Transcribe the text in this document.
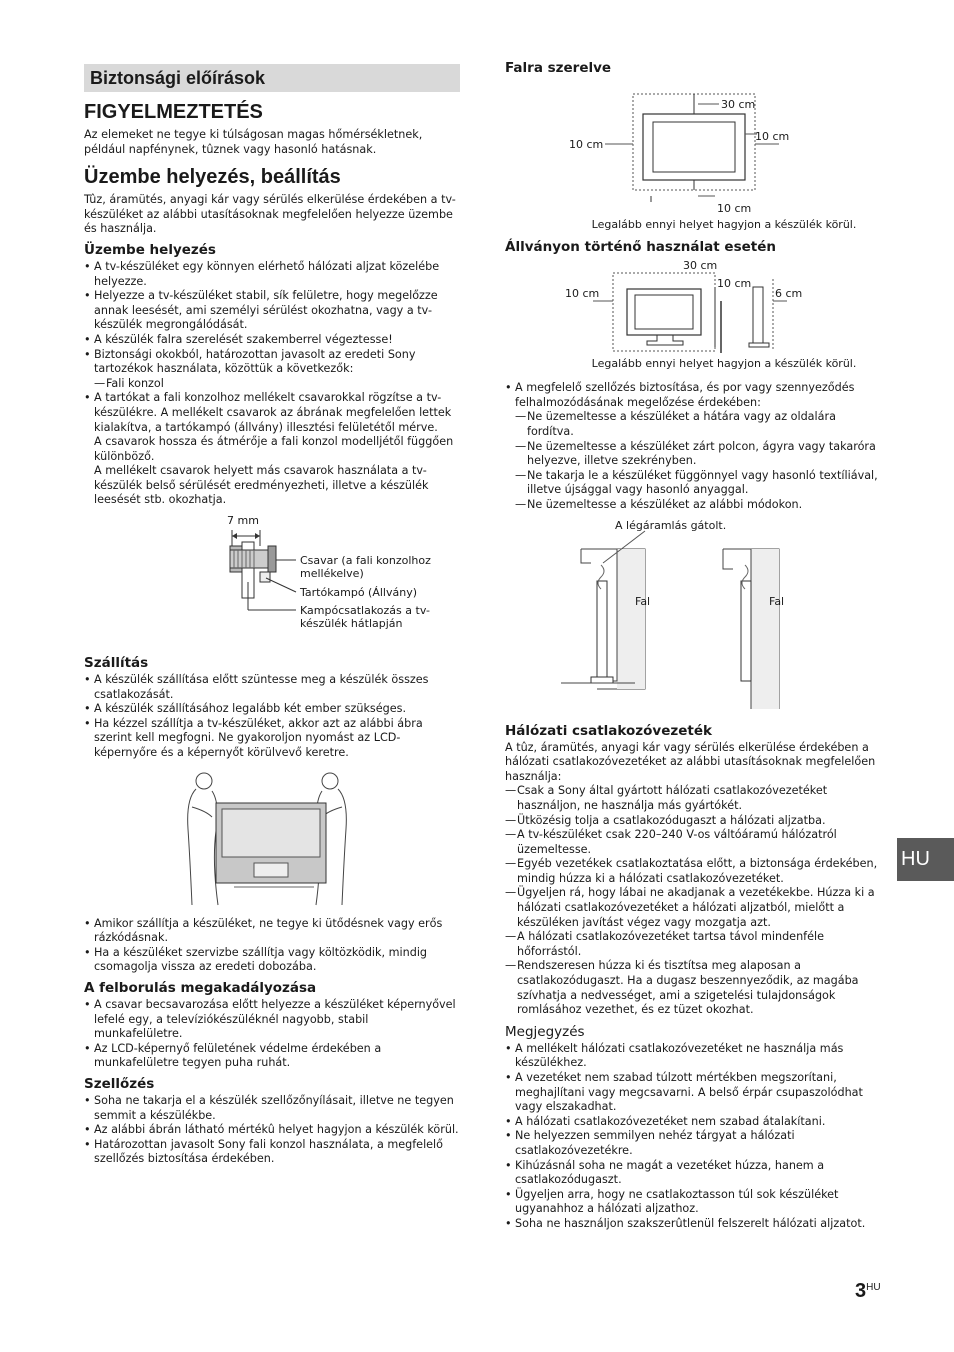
Biztonsági előírások
FIGYELMEZTETÉS

Az elemeket ne tegye ki túlságosan magas hőmérsékletnek, például napfénynek, tûznek vagy hasonló hatásnak.

Üzembe helyezés, beállítás

Tûz, áramütés, anyagi kár vagy sérülés elkerülése érdekében a tv-készüléket az alábbi utasításoknak megfelelően helyezze üzembe és használja.

Üzembe helyezés
• A tv-készüléket egy könnyen elérhető hálózati aljzat közelébe helyezze.
• Helyezze a tv-készüléket stabil, sík felületre, hogy megelőzze annak leesését, ami személyi sérülést okozhatna, vagy a tv-készülék megrongálódását.
• A készülék falra szerelését szakemberrel végeztesse!
• Biztonsági okokból, határozottan javasolt az eredeti Sony tartozékok használata, közöttük a következők:
— Fali konzol
• A tartókat a fali konzolhoz mellékelt csavarokkal rögzítse a tv-készülékre. A mellékelt csavarok az ábrának megfelelően lettek kialakítva, a tartókampó (állvány) illesztési felületétől mérve.
A csavarok hossza és átmérője a fali konzol modelljétől függően különböző.
A mellékelt csavarok helyett más csavarok használata a tv-készülék belső sérülését eredményezheti, illetve a készülék leesését stb. okozhatja.
7 mm
Csavar (a fali konzolhoz mellékelve)
Tartókampó (Állvány)
Kampócsatlakozás a tv-készülék hátlapján
Szállítás
• A készülék szállítása előtt szüntesse meg a készülék összes csatlakozását.
• A készülék szállításához legalább két ember szükséges.
• Ha kézzel szállítja a tv-készüléket, akkor azt az alábbi ábra szerint kell megfogni. Ne gyakoroljon nyomást az LCD-képernyőre és a képernyőt körülvevő keretre.
• Amikor szállítja a készüléket, ne tegye ki ütődésnek vagy erős rázkódásnak.
• Ha a készüléket szervizbe szállítja vagy költözködik, mindig csomagolja vissza az eredeti dobozába.
A felborulás megakadályozása
• A csavar becsavarozása előtt helyezze a készüléket képernyővel lefelé egy, a televíziókészüléknél nagyobb, stabil munkafelületre.
• Az LCD-képernyő felületének védelme érdekében a munkafelületre tegyen puha ruhát.
Szellőzés
• Soha ne takarja el a készülék szellőzőnyílásait, illetve ne tegyen semmit a készülékbe.
• Az alábbi ábrán látható mértékû helyet hagyjon a készülék körül.
• Határozottan javasolt Sony fali konzol használata, a megfelelő szellőzés biztosítása érdekében.
Falra szerelve
30 cm
10 cm
10 cm
10 cm
Legalább ennyi helyet hagyjon a készülék körül.
Állványon történő használat esetén
30 cm
10 cm
10 cm
6 cm
Legalább ennyi helyet hagyjon a készülék körül.
• A megfelelő szellőzés biztosítása, és por vagy szennyeződés felhalmozódásának megelőzése érdekében:
— Ne üzemeltesse a készüléket a hátára vagy az oldalára fordítva.
— Ne üzemeltesse a készüléket zárt polcon, ágyra vagy takaróra helyezve, illetve szekrényben.
— Ne takarja le a készüléket függönnyel vagy hasonló textíliával, illetve újsággal vagy hasonló anyaggal.
— Ne üzemeltesse a készüléket az alábbi módokon.
A légáramlás gátolt.
Fal	Fal
Hálózati csatlakozóvezeték

A tûz, áramütés, anyagi kár vagy sérülés elkerülése érdekében a hálózati csatlakozóvezetéket az alábbi utasításoknak megfelelően használja:

— Csak a Sony által gyártott hálózati csatlakozóvezetéket használjon, ne használja más gyártókét.
— Ütközésig tolja a csatlakozódugaszt a hálózati aljzatba.
— A tv-készüléket csak 220–240 V-os váltóáramú hálózatról üzemeltesse.
— Egyéb vezetékek csatlakoztatása előtt, a biztonsága érdekében, mindig húzza ki a hálózati csatlakozóvezetéket.
— Ügyeljen rá, hogy lábai ne akadjanak a vezetékekbe. Húzza ki a hálózati csatlakozóvezetéket a hálózati aljzatból, mielőtt a készüléken javítást végez vagy mozgatja azt.
— A hálózati csatlakozóvezetéket tartsa távol mindenféle hőforrástól.
— Rendszeresen húzza ki és tisztítsa meg alaposan a csatlakozódugaszt. Ha a dugasz beszennyeződik, az magába szívhatja a nedvességet, ami a szigetelési tulajdonságok romlásához vezethet, és ez tüzet okozhat.
Megjegyzés
• A mellékelt hálózati csatlakozóvezetéket ne használja más készülékhez.
• A vezetéket nem szabad túlzott mértékben megszorítani, meghajlítani vagy megcsavarni. A belső érpár csupaszolódhat vagy elszakadhat.
• A hálózati csatlakozóvezetéket nem szabad átalakítani.
• Ne helyezzen semmilyen nehéz tárgyat a hálózati csatlakozóvezetékre.
• Kihúzásnál soha ne magát a vezetéket húzza, hanem a csatlakozódugaszt.
• Ügyeljen arra, hogy ne csatlakoztasson túl sok készüléket ugyanahhoz a hálózati aljzathoz.
• Soha ne használjon szakszerûtlenül felszerelt hálózati aljzatot.
HU
$3^{HU}$
